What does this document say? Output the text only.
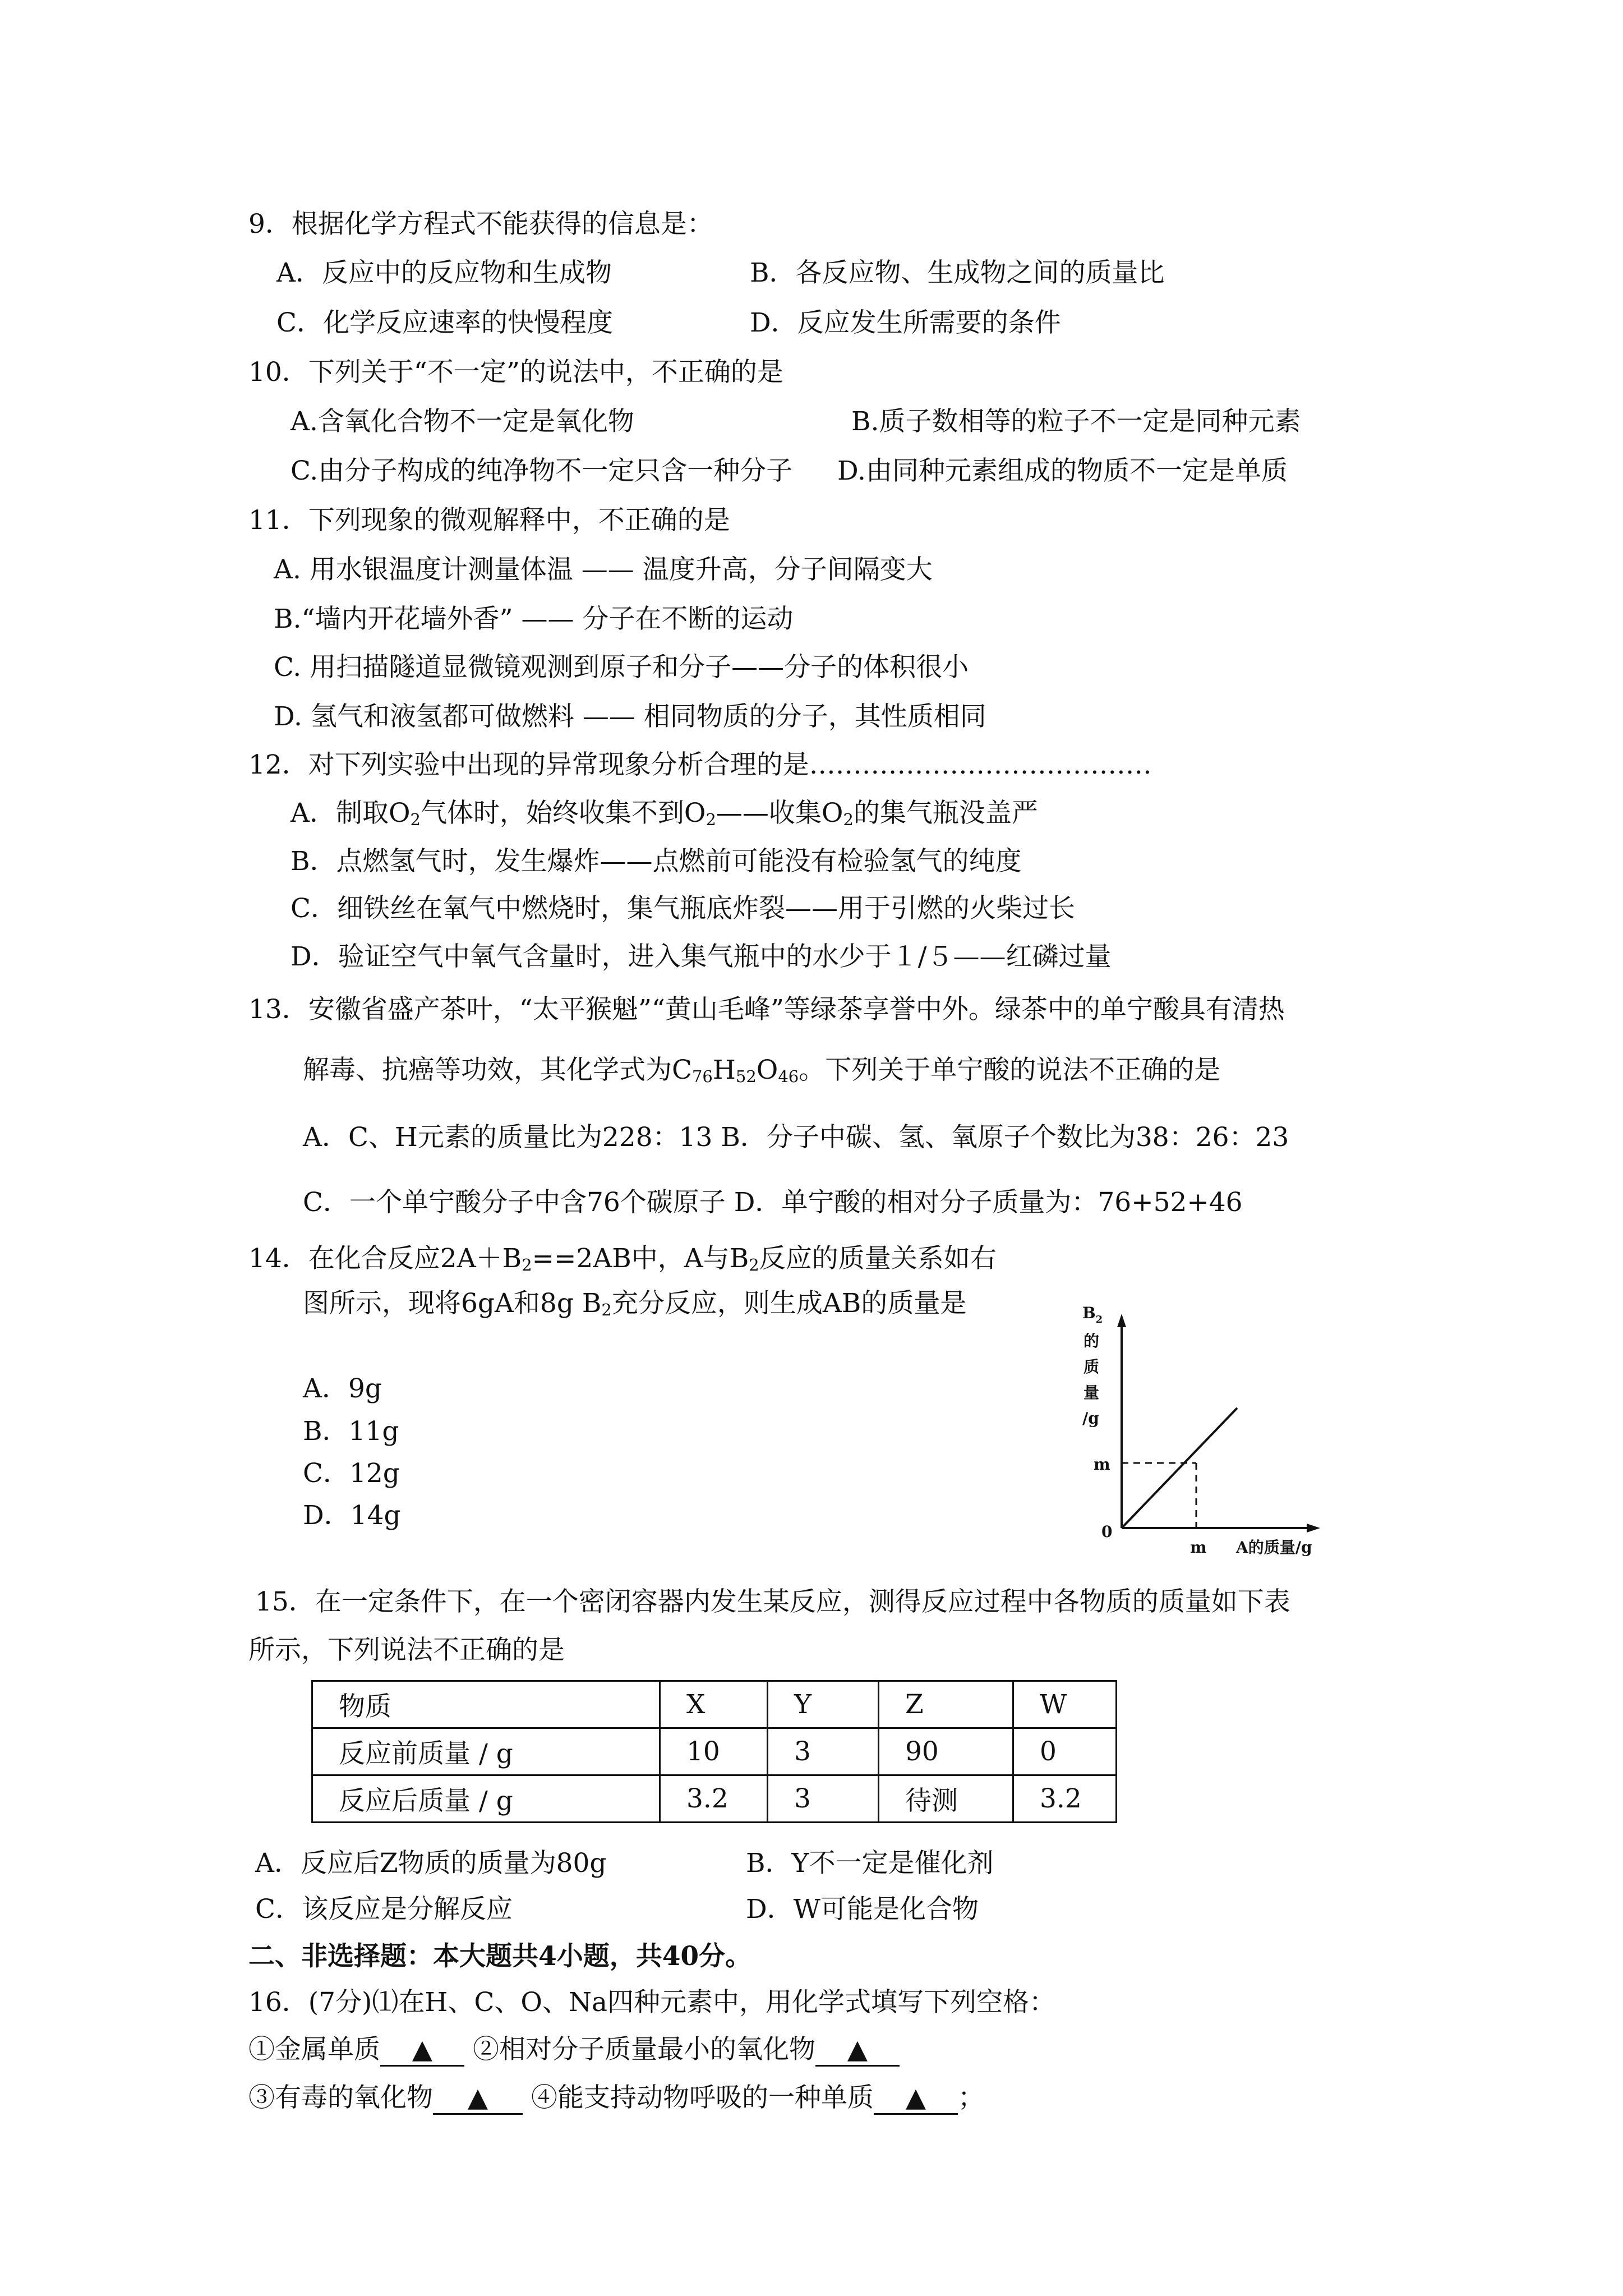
9．根据化学方程式不能获得的信息是：
A．反应中的反应物和生成物	B．各反应物、生成物之间的质量比
C．化学反应速率的快慢程度	D．反应发生所需要的条件
10．下列关于“不一定”的说法中，不正确的是
A.含氧化合物不一定是氧化物	B.质子数相等的粒子不一定是同种元素
C.由分子构成的纯净物不一定只含一种分子 D.由同种元素组成的物质不一定是单质
11．下列现象的微观解释中，不正确的是
A. 用水银温度计测量体温 —— 温度升高，分子间隔变大
B.“墙内开花墙外香” —— 分子在不断的运动
C. 用扫描隧道显微镜观测到原子和分子——分子的体积很小
D. 氢气和液氢都可做燃料 —— 相同物质的分子，其性质相同
12．对下列实验中出现的异常现象分析合理的是…………………………………
A．制取$O_2$气体时，始终收集不到$O_2——$收集$O_2$的集气瓶没盖严
B．点燃氢气时，发生爆炸——点燃前可能没有检验氢气的纯度
C．细铁丝在氧气中燃烧时，集气瓶底炸裂——用于引燃的火柴过长
D．验证空气中氧气含量时，进入集气瓶中的水少于１/５——红磷过量
13．安徽省盛产茶叶，“太平猴魁”“黄山毛峰”等绿茶享誉中外。绿茶中的单宁酸具有清热
解毒、抗癌等功效，其化学式为$C_{76}H_{52}O_{46}$。下列关于单宁酸的说法不正确的是
A．C、H元素的质量比为228：13 B．分子中碳、氢、氧原子个数比为38：26：23
C．一个单宁酸分子中含76个碳原子 D．单宁酸的相对分子质量为：76+52+46
14．在化合反应$2A+B_2==2AB$中，A与$B_2$反应的质量关系如右
图所示，现将6gA和8g $B_2$充分反应，则生成AB的质量是
A．9g
B．11g
C．12g
D．14g
$B_2$
的
质
量
/g
m
0
m A的质量/g
15．在一定条件下，在一个密闭容器内发生某反应，测得反应过程中各物质的质量如下表
所示，下列说法不正确的是
物质	X	Y	Z	W
反应前质量 / g	10	3	90	0
反应后质量 / g	3.2	3	待测	3.2
A．反应后Z物质的质量为80g	B．Y不一定是催化剂
C．该反应是分解反应	D．W可能是化合物
二、非选择题：本大题共4小题，共40分。
16．(7分)⑴在H、C、O、Na四种元素中，用化学式填写下列空格：
①金属单质 ▲ ②相对分子质量最小的氧化物 ▲
③有毒的氧化物 ▲ ④能支持动物呼吸的一种单质 ▲ ；
